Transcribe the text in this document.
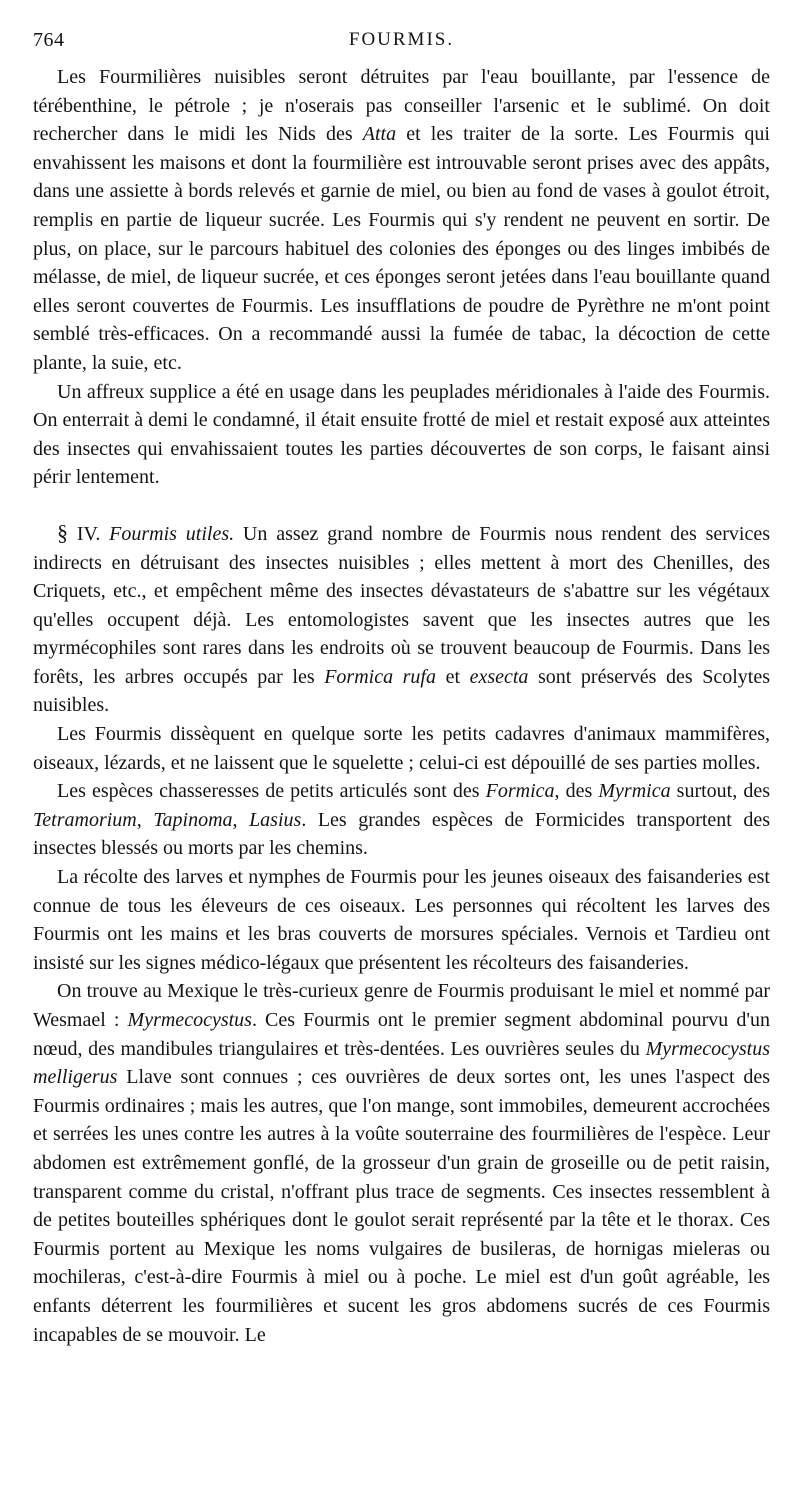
764	FOURMIS.

Les Fourmilières nuisibles seront détruites par l'eau bouillante, par l'essence de térébenthine, le pétrole ; je n'oserais pas conseiller l'arsenic et le sublimé. On doit rechercher dans le midi les Nids des Atta et les traiter de la sorte. Les Fourmis qui envahissent les maisons et dont la fourmilière est introuvable seront prises avec des appâts, dans une assiette à bords relevés et garnie de miel, ou bien au fond de vases à goulot étroit, remplis en partie de liqueur sucrée. Les Fourmis qui s'y rendent ne peuvent en sortir. De plus, on place, sur le parcours habituel des colonies des éponges ou des linges imbibés de mélasse, de miel, de liqueur sucrée, et ces éponges seront jetées dans l'eau bouillante quand elles seront couvertes de Fourmis. Les insufflations de poudre de Pyrèthre ne m'ont point semblé très-efficaces. On a recommandé aussi la fumée de tabac, la décoction de cette plante, la suie, etc.

Un affreux supplice a été en usage dans les peuplades méridionales à l'aide des Fourmis. On enterrait à demi le condamné, il était ensuite frotté de miel et restait exposé aux atteintes des insectes qui envahissaient toutes les parties découvertes de son corps, le faisant ainsi périr lentement.

§ IV. Fourmis utiles. Un assez grand nombre de Fourmis nous rendent des services indirects en détruisant des insectes nuisibles ; elles mettent à mort des Chenilles, des Criquets, etc., et empêchent même des insectes dévastateurs de s'abattre sur les végétaux qu'elles occupent déjà. Les entomologistes savent que les insectes autres que les myrmécophiles sont rares dans les endroits où se trouvent beaucoup de Fourmis. Dans les forêts, les arbres occupés par les Formica rufa et exsecta sont préservés des Scolytes nuisibles.

Les Fourmis dissèquent en quelque sorte les petits cadavres d'animaux mammifères, oiseaux, lézards, et ne laissent que le squelette ; celui-ci est dépouillé de ses parties molles.

Les espèces chasseresses de petits articulés sont des Formica, des Myrmica surtout, des Tetramorium, Tapinoma, Lasius. Les grandes espèces de Formicides transportent des insectes blessés ou morts par les chemins.

La récolte des larves et nymphes de Fourmis pour les jeunes oiseaux des faisanderies est connue de tous les éleveurs de ces oiseaux. Les personnes qui récoltent les larves des Fourmis ont les mains et les bras couverts de morsures spéciales. Vernois et Tardieu ont insisté sur les signes médico-légaux que présentent les récolteurs des faisanderies.

On trouve au Mexique le très-curieux genre de Fourmis produisant le miel et nommé par Wesmael : Myrmecocystus. Ces Fourmis ont le premier segment abdominal pourvu d'un nœud, des mandibules triangulaires et très-dentées. Les ouvrières seules du Myrmecocystus melligerus Llave sont connues ; ces ouvrières de deux sortes ont, les unes l'aspect des Fourmis ordinaires ; mais les autres, que l'on mange, sont immobiles, demeurent accrochées et serrées les unes contre les autres à la voûte souterraine des fourmilières de l'espèce. Leur abdomen est extrêmement gonflé, de la grosseur d'un grain de groseille ou de petit raisin, transparent comme du cristal, n'offrant plus trace de segments. Ces insectes ressemblent à de petites bouteilles sphériques dont le goulot serait représenté par la tête et le thorax. Ces Fourmis portent au Mexique les noms vulgaires de busileras, de hornigas mieleras ou mochileras, c'est-à-dire Fourmis à miel ou à poche. Le miel est d'un goût agréable, les enfants déterrent les fourmilières et sucent les gros abdomens sucrés de ces Fourmis incapables de se mouvoir. Le
